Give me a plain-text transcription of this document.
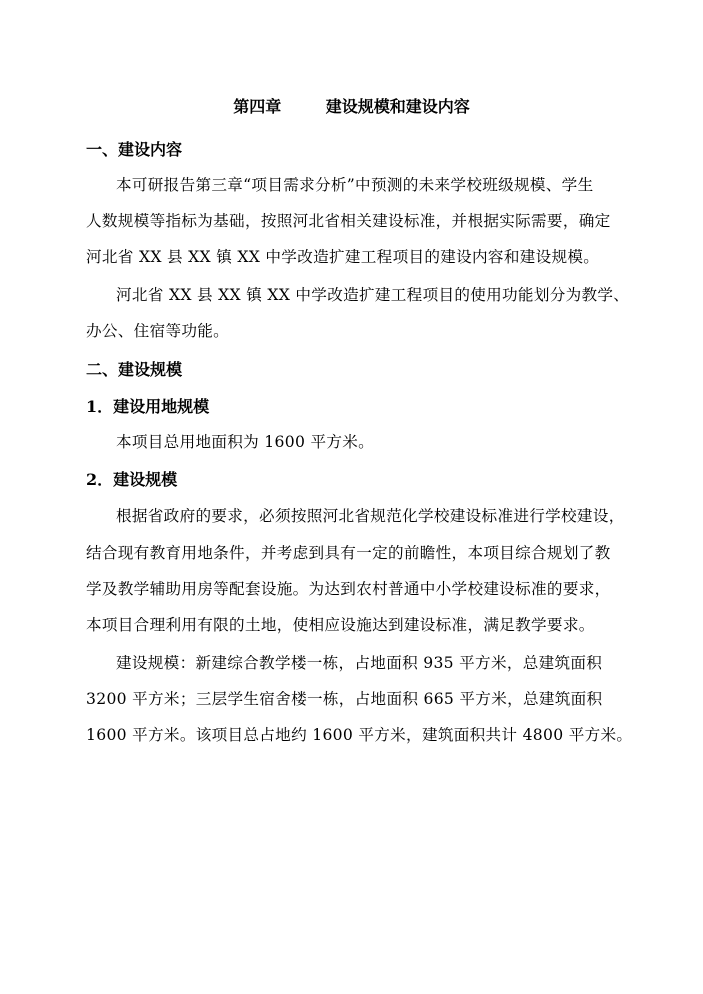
第四章        建设规模和建设内容
一、建设内容
本可研报告第三章“项目需求分析”中预测的未来学校班级规模、学生
人数规模等指标为基础，按照河北省相关建设标准，并根据实际需要，确定
河北省 XX 县 XX 镇 XX 中学改造扩建工程项目的建设内容和建设规模。
河北省 XX 县 XX 镇 XX 中学改造扩建工程项目的使用功能划分为教学、
办公、住宿等功能。
二、建设规模
1．建设用地规模
本项目总用地面积为 1600 平方米。
2．建设规模
根据省政府的要求，必须按照河北省规范化学校建设标准进行学校建设，
结合现有教育用地条件，并考虑到具有一定的前瞻性，本项目综合规划了教
学及教学辅助用房等配套设施。为达到农村普通中小学校建设标准的要求，
本项目合理利用有限的土地，使相应设施达到建设标准，满足教学要求。
建设规模：新建综合教学楼一栋，占地面积 935 平方米，总建筑面积
3200 平方米；三层学生宿舍楼一栋，占地面积 665 平方米，总建筑面积
1600 平方米。该项目总占地约 1600 平方米，建筑面积共计 4800 平方米。
